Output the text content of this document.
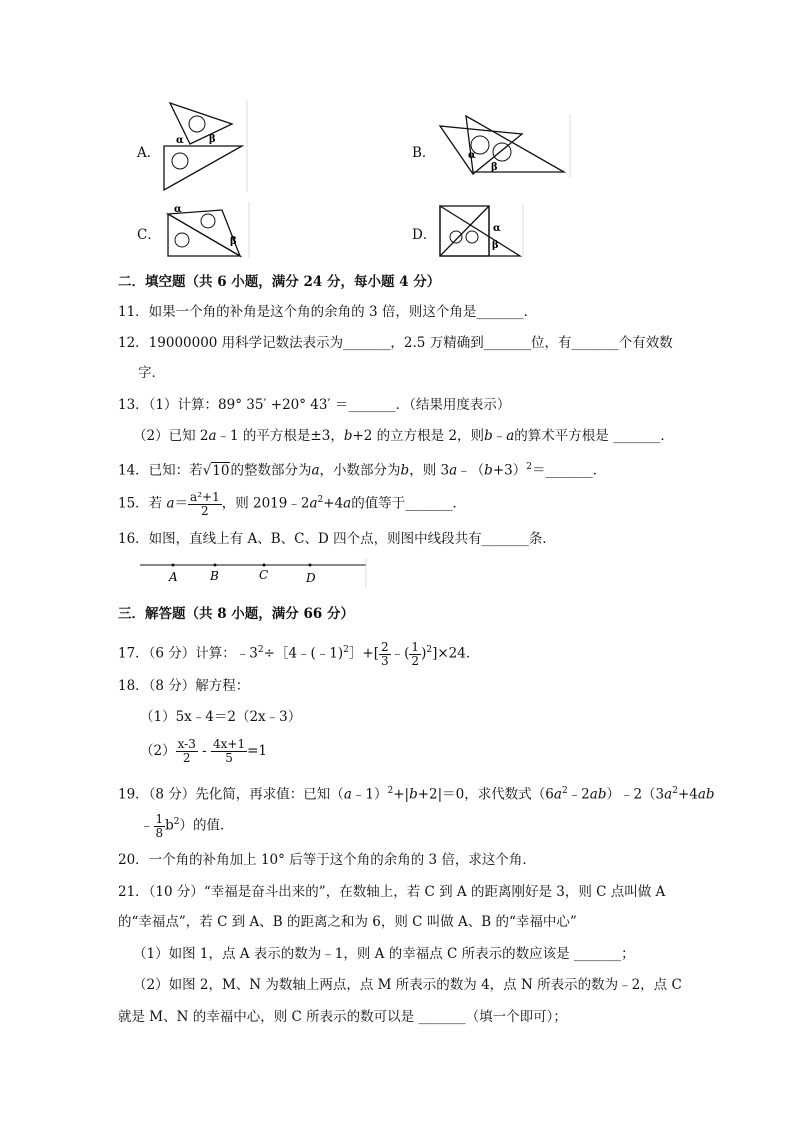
A．
α	β
B．	α
β
C．
α
β	D．	α
β
二．填空题（共 6 小题，满分 24 分，每小题 4 分）
11．如果一个角的补角是这个角的余角的 3 倍，则这个角是_______．
12．19000000 用科学记数法表示为_______，2.5 万精确到_______位，有_______个有效数
字．
13．（1）计算：89° 35′ +20° 43′ ＝_______．（结果用度表示）
（2）已知 2a﹣1 的平方根是±3，b+2 的立方根是 2，则b﹣a的算术平方根是 _______．
14．已知：若√10的整数部分为a，小数部分为b，则 $3a﹣(b+3)^2=\_\_\_\_\_\_\_$．
15．若 $a= \frac{\text{a²+1}}{2}$ ，则 $2019﹣2a^2+4a$的值等于_______．
16．如图，直线上有 A、B、C、D 四个点，则图中线段共有_______条．
A	B	C	D
三．解答题（共 8 小题，满分 66 分）
17．（6 分）计算：$﹣3^2\div[4﹣(﹣1)^2]+[ \frac{2}{3}$ ﹣( $\frac{1}{2} )^2]\times 24$．
18．（8 分）解方程：
（1）5x﹣4＝2（2x﹣3）
$(2) \frac{x-3}{2} - \frac{4x+1}{5} =1$
19．（8 分）先化简，再求值：已知（a﹣1）$^2$+|b+2|＝0，求代数式$(6a^2﹣2ab)﹣2(3a^2+4ab$
﹣ $\frac{1}{8} b^2$）的值．
20．一个角的补角加上 10° 后等于这个角的余角的 3 倍，求这个角．
21．（10 分）“幸福是奋斗出来的”，在数轴上，若 C 到 A 的距离刚好是 3，则 C 点叫做 A
的“幸福点”，若 C 到 A、B 的距离之和为 6，则 C 叫做 A、B 的“幸福中心”
（1）如图 1，点 A 表示的数为﹣1，则 A 的幸福点 C 所表示的数应该是 _______；
（2）如图 2，M、N 为数轴上两点，点 M 所表示的数为 4，点 N 所表示的数为﹣2，点 C
就是 M、N 的幸福中心，则 C 所表示的数可以是 _______（填一个即可）；
